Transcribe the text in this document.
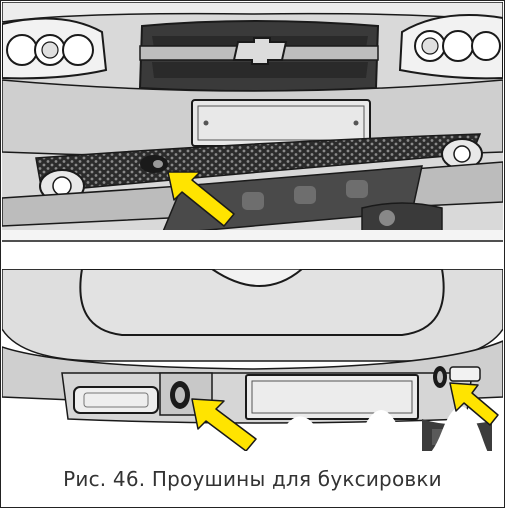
Рис. 46. Проушины для буксировки
